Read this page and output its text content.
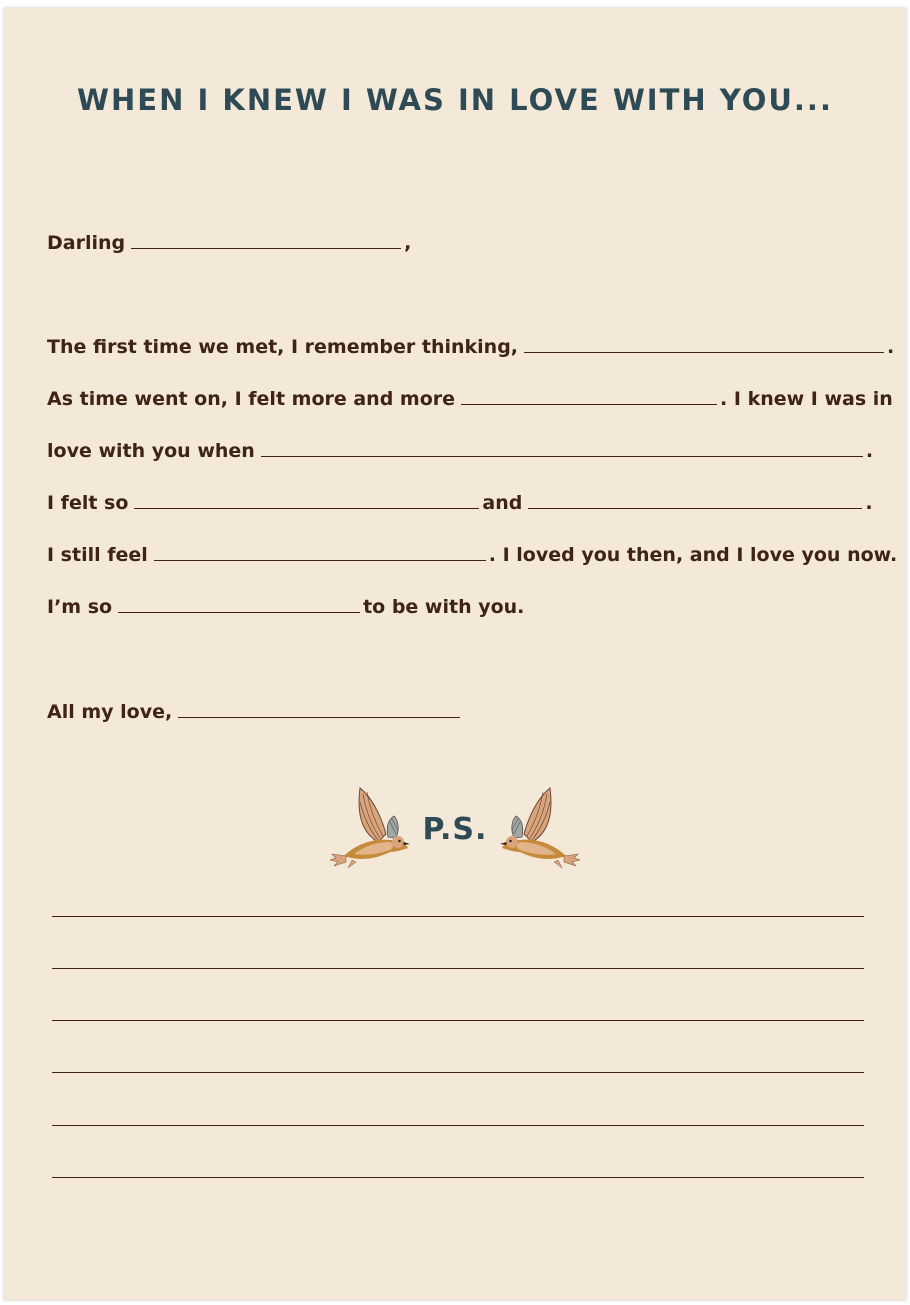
WHEN I KNEW I WAS IN LOVE WITH YOU...
Darling	,
The first time we met, I remember thinking,	.
As time went on, I felt more and more	. I knew I was in
love with you when	.
I felt so	and	.
I still feel	. I loved you then, and I love you now.
I’m so	to be with you.
All my love,
P.S.
